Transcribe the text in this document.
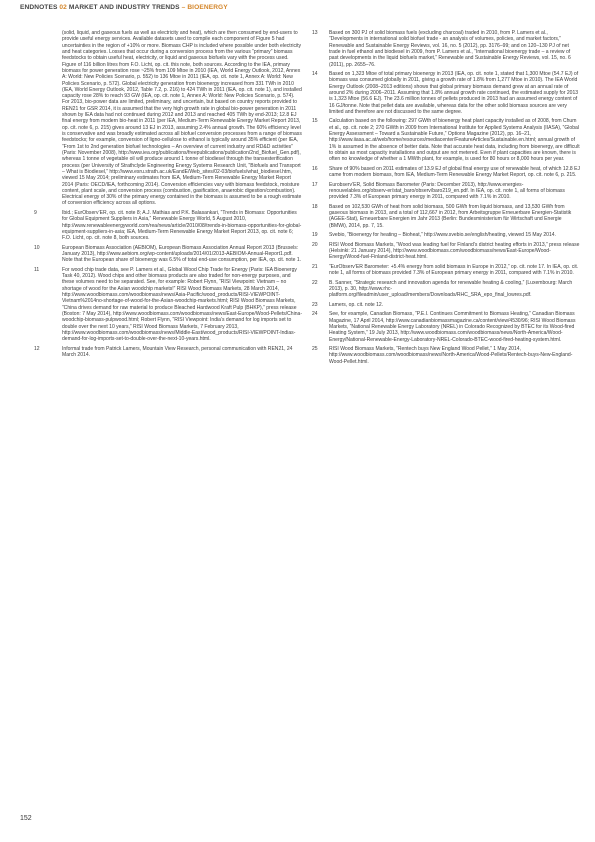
ENDNOTES 02 MARKET AND INDUSTRY TRENDS – BIOENERGY

(solid, liquid, and gaseous fuels as well as electricity and heat), which are then consumed by end-users to provide useful energy services. Available datasets used to compile each component of Figure 5 had uncertainties in the region of +10% or more. Biomass CHP is included where possible under both electricity and heat categories. Losses that occur during a conversion process from the various “primary” biomass feedstocks to obtain useful heat, electricity, or liquid and gaseous biofuels vary with the process used. Figure of 116 billion litres from F.O. Licht, op. cit. this note, both sources. According to the IEA, primary biomass for power generation rose ~25% from 109 Mtoe in 2010 (IEA, World Energy Outlook, 2012, Annex A: World: New Policies Scenario, p. 552) to 136 Mtoe in 2011 (IEA, op. cit. note 1, Annex A: World: New Policies Scenario, p. 572). Global electricity generation from bioenergy increased from 331 TWh in 2010 (IEA, World Energy Outlook, 2012, Table 7.2, p. 216) to 424 TWh in 2011 (IEA, op. cit. note 1), and installed capacity rose 28% to reach 93 GW (IEA, op. cit. note 1, Annex A: World: New Policies Scenario, p. 574). For 2013, bio-power data are limited, preliminary, and uncertain, but based on country reports provided to REN21 for GSR 2014, it is assumed that the very high growth rate in global bio-power generation in 2011 shown by IEA data had not continued during 2012 and 2013 and reached 405 TWh by end-2013; 12.8 EJ final energy from modern bio-heat in 2011 (per IEA, Medium-Term Renewable Energy Market Report 2013, op. cit. note 6, p. 215) gives around 13 EJ in 2013, assuming 2.4% annual growth. The 60% efficiency level is conservative and was broadly estimated across all biofuel conversion processes from a range of biomass feedstocks; for example, conversion of ligno-cellulose to ethanol is typically around 35% efficient (per IEA, “From 1st to 2nd generation biofuel technologies – An overview of current industry and RD&D activities” (Paris: November 2008), http://www.iea.org/publications/freepublications/publication/2nd_Biofuel_Gen.pdf), whereas 1 tonne of vegetable oil will produce around 1 tonne of biodiesel through the transesterification process (per University of Strathclyde Engineering Energy Systems Research Unit, “Biofuels and Transport – What is Biodiesel,” http://www.esru.strath.ac.uk/EandE/Web_sites/02-03/biofuels/what_biodiesel.htm, viewed 15 May 2014; preliminary estimates from IEA, Medium-Term Renewable Energy Market Report 2014 (Paris: OECD/IEA, forthcoming 2014). Conversion efficiencies vary with biomass feedstock, moisture content, plant scale, and conversion process (combustion, gasification, anaerobic digestion/combustion). Electrical energy of 30% of the primary energy contained in the biomass is assumed to be a rough estimate of conversion efficiency across all options.

9	Ibid.; EurObserv’ER, op. cit. note 8; A.J. Mathias and P.K. Balasankari, “Trends in Biomass: Opportunities for Global Equipment Suppliers in Asia,” Renewable Energy World, 5 August 2010, http://www.renewableenergyworld.com/rea/news/article/2010/08/trends-in-biomass-opportunities-for-global-equipment-suppliers-in-asia; IEA, Medium-Term Renewable Energy Market Report 2013, op. cit. note 6; F.O. Licht, op. cit. note 8, both sources.

10	European Biomass Association (AEBIOM), European Biomass Association Annual Report 2013 (Brussels: January 2013), http://www.aebiom.org/wp-content/uploads/2014/01/2013-AEBIOM-Annual-Report1.pdf. Note that the European share of bioenergy was 6.5% of total end-use consumption, per IEA, op. cit. note 1.

11	For wood chip trade data, see P. Lamers et al., Global Wood Chip Trade for Energy (Paris: IEA Bioenergy Task 40, 2012). Wood chips and other biomass products are also traded for non-energy purposes, and these volumes need to be separated. See, for example: Robert Flynn, “RISI Viewpoint: Vietnam – no shortage of wood for the Asian woodchip markets!” RISI Wood Biomass Markets, 28 March 2014, http://www.woodbiomass.com/woodbiomass/news/Asia-Pacific/wood_products/RISI-VIEWPOINT-Vietnam%2014no-shortage-of-wood-for-the-Asian-woodchip-markets.html; RISI Wood Biomass Markets, “China drives demand for raw material to produce Bleached Hardwood Kraft Pulp (BHKP),” press release (Boston: 7 May 2014), http://www.woodbiomass.com/woodbiomass/news/East-Europe/Wood-Pellets/China-woodchip-biomass-pulpwood.html; Robert Flynn, “RISI Viewpoint: India’s demand for log imports set to double over the next 10 years,” RISI Wood Biomass Markets, 7 February 2013, http://www.woodbiomass.com/woodbiomass/news/Middle-East/wood_products/RISI-VIEWPOINT-Indias-demand-for-log-imports-set-to-double-over-the-next-10-years.html.

12	Informal trade from Patrick Lamers, Mountain View Research, personal communication with REN21, 24 March 2014.

13	Based on 300 PJ of solid biomass fuels (excluding charcoal) traded in 2010, from P. Lamers et al., “Developments in international solid biofuel trade - an analysis of volumes, policies, and market factors,” Renewable and Sustainable Energy Reviews, vol. 16, no. 5 (2012), pp. 3176–99; and on 120–130 PJ of net trade in fuel ethanol and biodiesel in 2009, from P. Lamers et al., “International bioenergy trade – a review of past developments in the liquid biofuels market,” Renewable and Sustainable Energy Reviews, vol. 15, no. 6 (2011), pp. 2655–76.

14	Based on 1,323 Mtoe of total primary bioenergy in 2013 (IEA, op. cit. note 1, stated that 1,300 Mtoe (54.7 EJ) of biomass was consumed globally in 2011, giving a growth rate of 1.8% from 1,277 Mtoe in 2010). The IEA World Energy Outlook (2008–2013 editions) shows that global primary biomass demand grew at an annual rate of around 2% during 2006–2011. Assuming that 1.8% annual growth rate continued, the estimated supply for 2013 is 1,323 Mtoe (56.6 EJ). The 23.6 million tonnes of pellets produced in 2013 had an assumed energy content of 16 GJ/tonne. Note that pellet data are available, whereas data for the other solid biomass sources are very limited and therefore are not discussed to the same degree.

15	Calculation based on the following: 297 GWth of bioenergy heat plant capacity installed as of 2008, from Chum et al., op. cit. note 2; 270 GWth in 2009 from International Institute for Applied Systems Analysis (IIASA), “Global Energy Assessment – Toward a Sustainable Future,” Options Magazine (2012), pp. 16–21, http://www.iiasa.ac.at/web/home/resources/mediacenter/FeatureArticles/Sustainable.en.html; annual growth of 1% is assumed in the absence of better data. Note that accurate heat data, including from bioenergy, are difficult to obtain as most capacity installations and output are not metered. Even if plant capacities are known, there is often no knowledge of whether a 1 MWth plant, for example, is used for 80 hours or 8,000 hours per year.

16	Share of 90% based on 2011 estimates of 13.9 EJ of global final energy use of renewable heat, of which 12.8 EJ came from modern biomass, from IEA, Medium-Term Renewable Energy Market Report, op. cit. note 6, p. 215.

17	Eurobserv’ER, Solid Biomass Barometer (Paris: December 2013), http://www.energies-renouvelables.org/observ-er/stat_baro/observ/baro219_en.pdf. In IEA, op. cit. note 1, all forms of biomass provided 7.3% of European primary energy in 2011, compared with 7.1% in 2010.

18	Based on 102,530 GWh of heat from solid biomass, 500 GWh from liquid biomass, and 13,530 GWh from gaseous biomass in 2013, and a total of 112,667 in 2012, from Arbeitsgruppe Erneuerbare Energien-Statistik (AGEE-Stat), Erneuerbare Energien im Jahr 2013 (Berlin: Bundesministerium für Wirtschaft und Energie (BMWi), 2014, pp. 7, 15.

19	Svebio, “Bioenergy for heating – Bioheat,” http://www.svebio.se/english/heating, viewed 15 May 2014.

20	RISI Wood Biomass Markets, “Wood was leading fuel for Finland’s district heating efforts in 2013,” press release (Helsinki: 21 January 2014), http://www.woodbiomass.com/woodbiomass/news/East-Europe/Wood-Energy/Wood-fuel-Finland-district-heat.html.

21	“EurObserv’ER Barometer: +5.4% energy from solid biomass in Europe in 2012,” op. cit. note 17. In IEA, op. cit. note 1, all forms of biomass provided 7.3% of European primary energy in 2011, compared with 7.1% in 2010.

22	B. Sanner, “Strategic research and innovation agenda for renewable heating & cooling,” (Luxembourg: March 2013), p. 30, http://www.rhc-platform.org/fileadmin/user_upload/members/Downloads/RHC_SRA_epo_final_lowres.pdf.

23	Lamers, op. cit. note 12.

24	See, for example, Canadian Biomass, “P.E.I. Continues Commitment to Biomass Heating,” Canadian Biomass Magazine, 17 April 2014, http://www.canadianbiomassmagazine.ca/content/view/4530/96; RISI Wood Biomass Markets, “National Renewable Energy Laboratory (NREL) in Colorado Recognized by BTEC for its Wood-fired Heating System,” 19 July 2013, http://www.woodbiomass.com/woodbiomass/news/North-America/Wood-Energy/National-Renewable-Energy-Laboratory-NREL-Colorado-BTEC-wood-fired-heating-system.html.

25	RISI Wood Biomass Markets, “Rentech buys New England Wood Pellet,” 1 May 2014, http://www.woodbiomass.com/woodbiomass/news/North-America/Wood-Pellets/Rentech-buys-New-England-Wood-Pellet.html.

152
